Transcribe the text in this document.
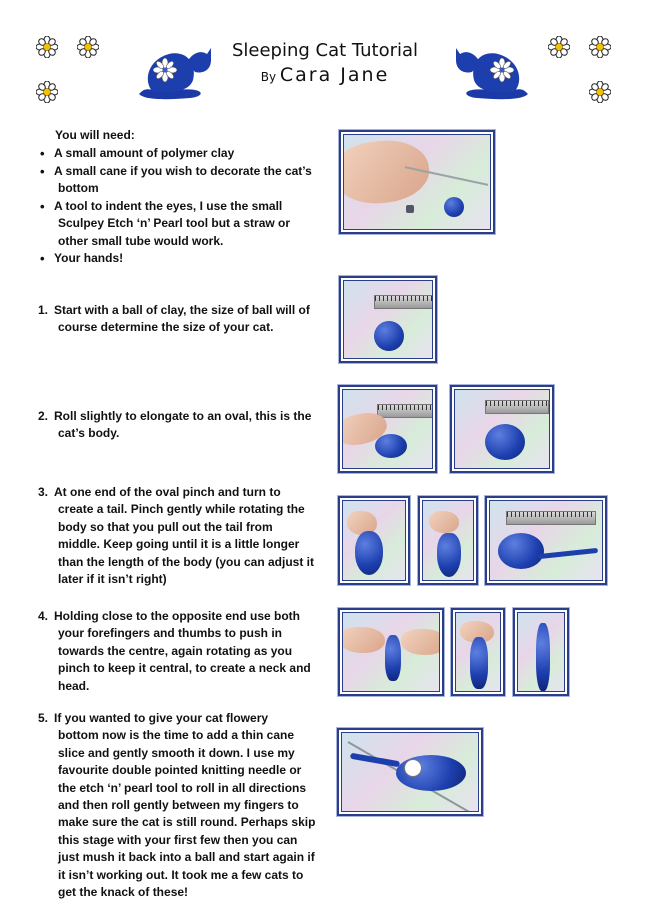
Sleeping Cat Tutorial
By Cara Jane
You will need:
• A small amount of polymer clay
• A small cane if you wish to decorate the cat’s
bottom
• A tool to indent the eyes, I use the small
Sculpey Etch ‘n’ Pearl tool but a straw or
other small tube would work.
• Your hands!
1. Start with a ball of clay, the size of ball will of
course determine the size of your cat.
2. Roll slightly to elongate to an oval, this is the
cat’s body.
3. At one end of the oval pinch and turn to
create a tail. Pinch gently while rotating the
body so that you pull out the tail from
middle. Keep going until it is a little longer
than the length of the body (you can adjust it
later if it isn’t right)
4. Holding close to the opposite end use both
your forefingers and thumbs to push in
towards the centre, again rotating as you
pinch to keep it central, to create a neck and
head.
5. If you wanted to give your cat flowery
bottom now is the time to add a thin cane
slice and gently smooth it down. I use my
favourite double pointed knitting needle or
the etch ‘n’ pearl tool to roll in all directions
and then roll gently between my fingers to
make sure the cat is still round. Perhaps skip
this stage with your first few then you can
just mush it back into a ball and start again if
it isn’t working out. It took me a few cats to
get the knack of these!
